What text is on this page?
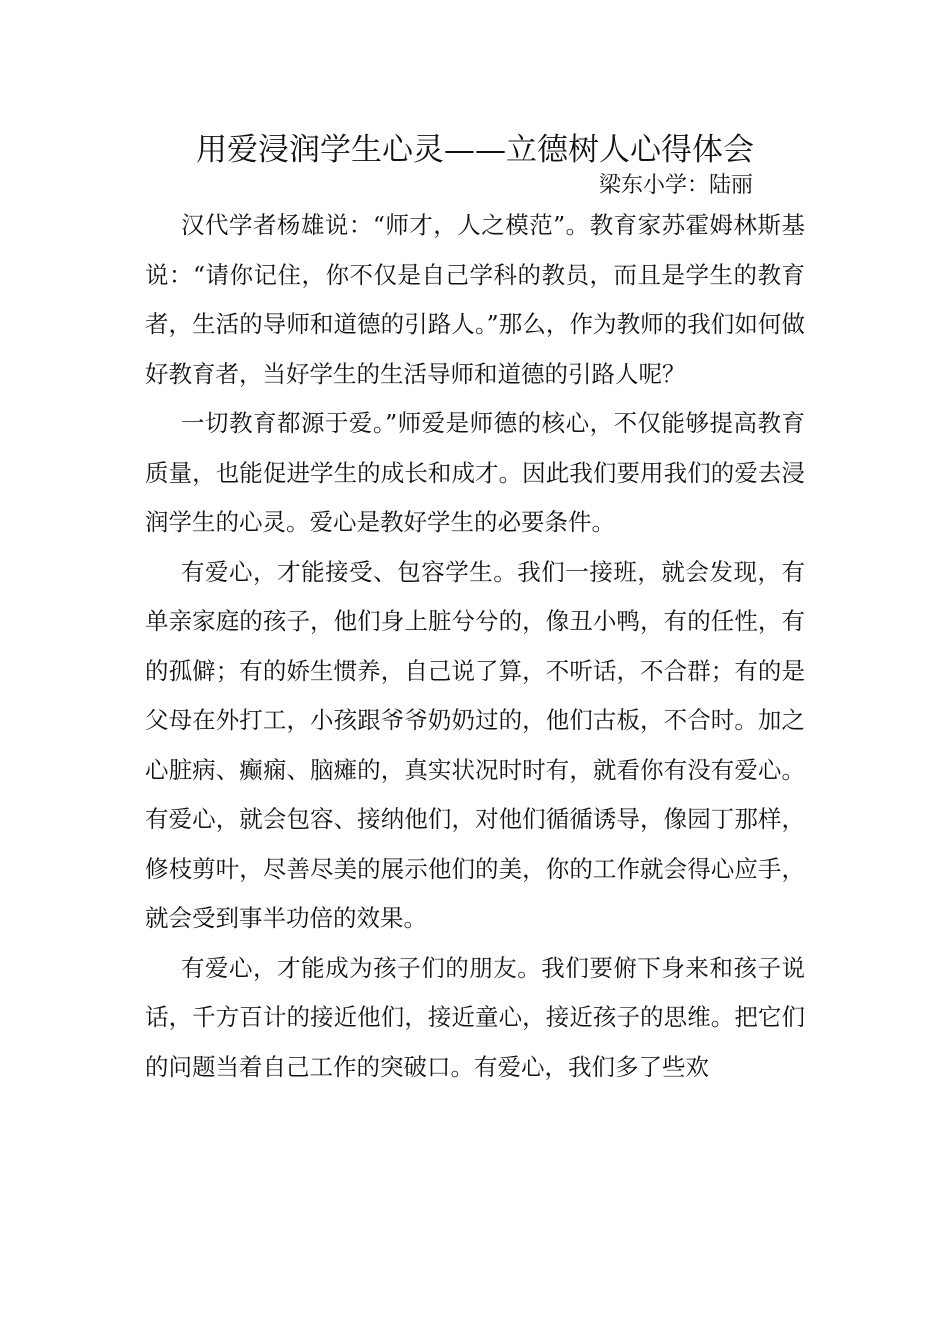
用爱浸润学生心灵——立德树人心得体会

梁东小学：陆丽

汉代学者杨雄说：“师才，人之模范”。教育家苏霍姆林斯基说：“请你记住，你不仅是自己学科的教员，而且是学生的教育者，生活的导师和道德的引路人。”那么，作为教师的我们如何做好教育者，当好学生的生活导师和道德的引路人呢？

一切教育都源于爱。”师爱是师德的核心，不仅能够提高教育质量，也能促进学生的成长和成才。因此我们要用我们的爱去浸润学生的心灵。爱心是教好学生的必要条件。

有爱心，才能接受、包容学生。我们一接班，就会发现，有单亲家庭的孩子，他们身上脏兮兮的，像丑小鸭，有的任性，有的孤僻；有的娇生惯养，自己说了算，不听话，不合群；有的是父母在外打工，小孩跟爷爷奶奶过的，他们古板，不合时。加之心脏病、癫痫、脑瘫的，真实状况时时有，就看你有没有爱心。有爱心，就会包容、接纳他们，对他们循循诱导，像园丁那样，修枝剪叶，尽善尽美的展示他们的美，你的工作就会得心应手，就会受到事半功倍的效果。

有爱心，才能成为孩子们的朋友。我们要俯下身来和孩子说话，千方百计的接近他们，接近童心，接近孩子的思维。把它们的问题当着自己工作的突破口。有爱心，我们多了些欢
